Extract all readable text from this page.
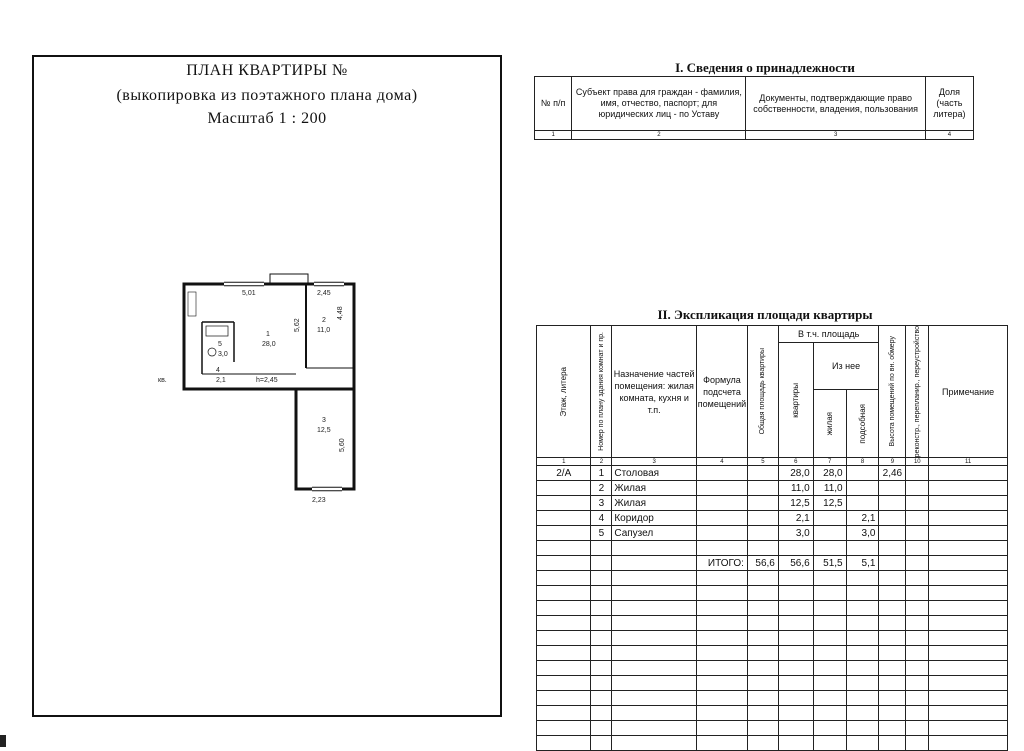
ПЛАН КВАРТИРЫ №
(выкопировка из поэтажного плана дома)
Масштаб 1 : 200
5,01	2,45
4,48
5,62
2,1	h=2,45
5,60
2,23
1
28,0
2
11,0
3
12,5
4
5
3,0
кв.
I. Сведения о принадлежности
№ п/п	Субъект права для граждан - фамилия, имя, отчество, паспорт; для юридических лиц - по Уставу	Документы, подтверждающие право собственности, владения, пользования	Доля (часть литера)
1	2	3	4
II. Экспликация площади квартиры
Этаж, литера	Номер по плану здания комнат и пр.	Назначение частей помещения: жилая комната, кухня и т.п.	Формула подсчета помещений	Общая площадь квартиры	В т.ч. площадь			Высота помещений по вн. обмеру	реконстр., перепланир., переустройство	Примечание

					квартиры	Из нее				

						жилая	подсобная			

1	2	3	4	5	6	7	8	9	10	11
2/А	1	Столовая			28,0	28,0		2,46		
	2	Жилая			11,0	11,0				
	3	Жилая			12,5	12,5				
	4	Коридор			2,1		2,1			
	5	Сапузел			3,0		3,0			

			ИТОГО:	56,6	56,6	51,5	5,1			
